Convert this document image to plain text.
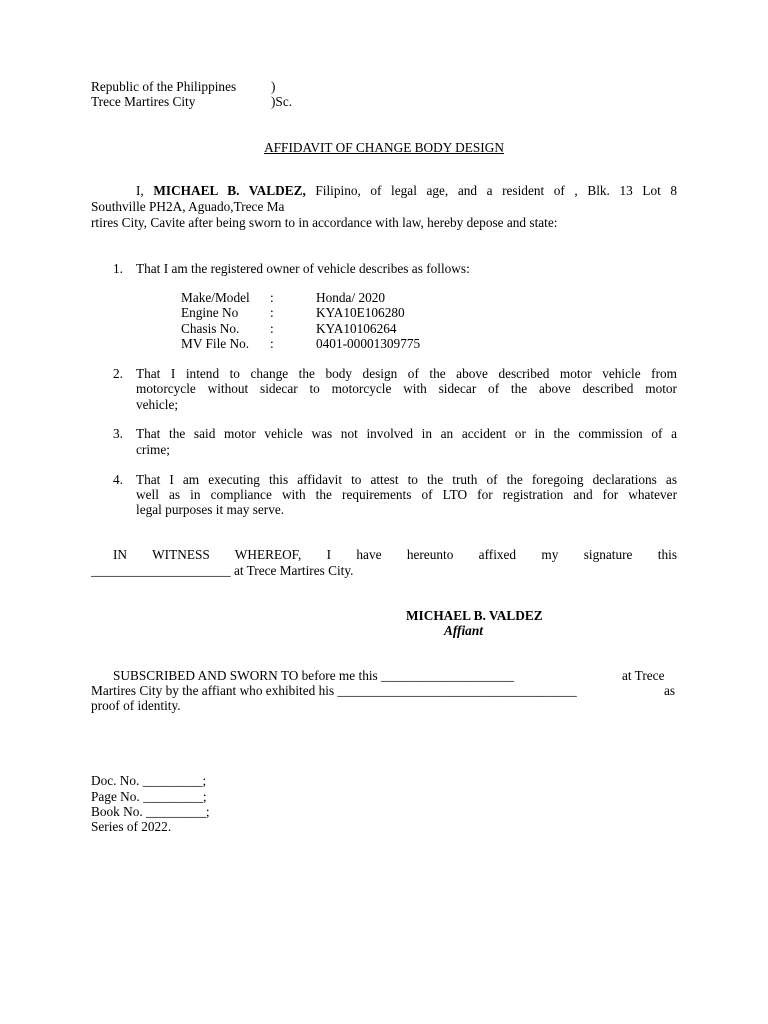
Republic of the Philippines	)
Trece Martires City	)Sc.
AFFIDAVIT OF CHANGE BODY DESIGN
I, MICHAEL B. VALDEZ, Filipino, of legal age, and a resident of , Blk. 13 Lot 8
Southville PH2A, Aguado,Trece Ma
rtires City, Cavite after being sworn to in accordance with law, hereby depose and state:
1. That I am the registered owner of vehicle describes as follows:
Make/Model :	Honda/ 2020
Engine No :	KYA10E106280
Chasis No. :	KYA10106264
MV File No. :	0401-00001309775
2. That I intend to change the body design of the above described motor vehicle from
motorcycle without sidecar to motorcycle with sidecar of the above described motor
vehicle;
3. That the said motor vehicle was not involved in an accident or in the commission of a
crime;
4. That I am executing this affidavit to attest to the truth of the foregoing declarations as
well as in compliance with the requirements of LTO for registration and for whatever
legal purposes it may serve.
IN WITNESS WHEREOF, I have hereunto affixed my signature this
_____________________ at Trece Martires City.
MICHAEL B. VALDEZ
Affiant
SUBSCRIBED AND SWORN TO before me this ____________________	at Trece
Martires City by the affiant who exhibited his ____________________________________	as
proof of identity.
Doc. No. _________;
Page No. _________;
Book No. _________;
Series of 2022.
